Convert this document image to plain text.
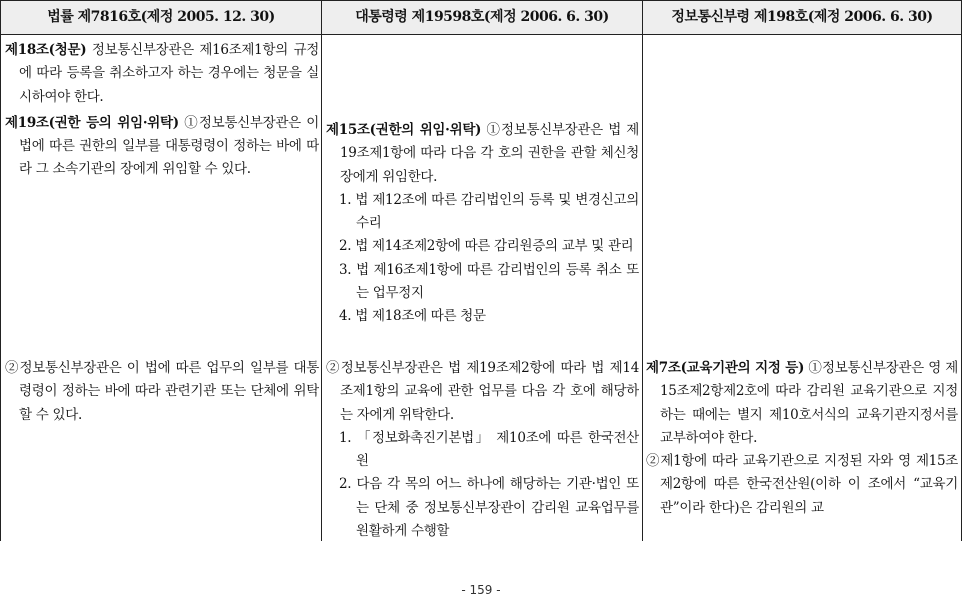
법률 제7816호(제정 2005. 12. 30)	대통령령 제19598호(제정 2006. 6. 30)	정보통신부령 제198호(제정 2006. 6. 30)

제18조(청문) 정보통신부장관은 제16조제1항의 규정에 따라 등록을 취소하고자 하는 경우에는 청문을 실시하여야 한다.

제19조(권한 등의 위임·위탁) ①정보통신부장관은 이 법에 따른 권한의 일부를 대통령령이 정하는 바에 따라 그 소속기관의 장에게 위임할 수 있다.

제15조(권한의 위임·위탁) ①정보통신부장관은 법 제19조제1항에 따라 다음 각 호의 권한을 관할 체신청장에게 위임한다.

1. 법 제12조에 따른 감리법인의 등록 및 변경신고의 수리

2. 법 제14조제2항에 따른 감리원증의 교부 및 관리

3. 법 제16조제1항에 따른 감리법인의 등록 취소 또는 업무정지

4. 법 제18조에 따른 청문

②정보통신부장관은 이 법에 따른 업무의 일부를 대통령령이 정하는 바에 따라 관련기관 또는 단체에 위탁할 수 있다.

②정보통신부장관은 법 제19조제2항에 따라 법 제14조제1항의 교육에 관한 업무를 다음 각 호에 해당하는 자에게 위탁한다.

1. 「정보화촉진기본법」 제10조에 따른 한국전산원

2. 다음 각 목의 어느 하나에 해당하는 기관·법인 또는 단체 중 정보통신부장관이 감리원 교육업무를 원활하게 수행할

제7조(교육기관의 지정 등) ①정보통신부장관은 영 제15조제2항제2호에 따라 감리원 교육기관으로 지정하는 때에는 별지 제10호서식의 교육기관지정서를 교부하여야 한다.

②제1항에 따라 교육기관으로 지정된 자와 영 제15조제2항에 따른 한국전산원(이하 이 조에서 “교육기관”이라 한다)은 감리원의 교

- 159 -
